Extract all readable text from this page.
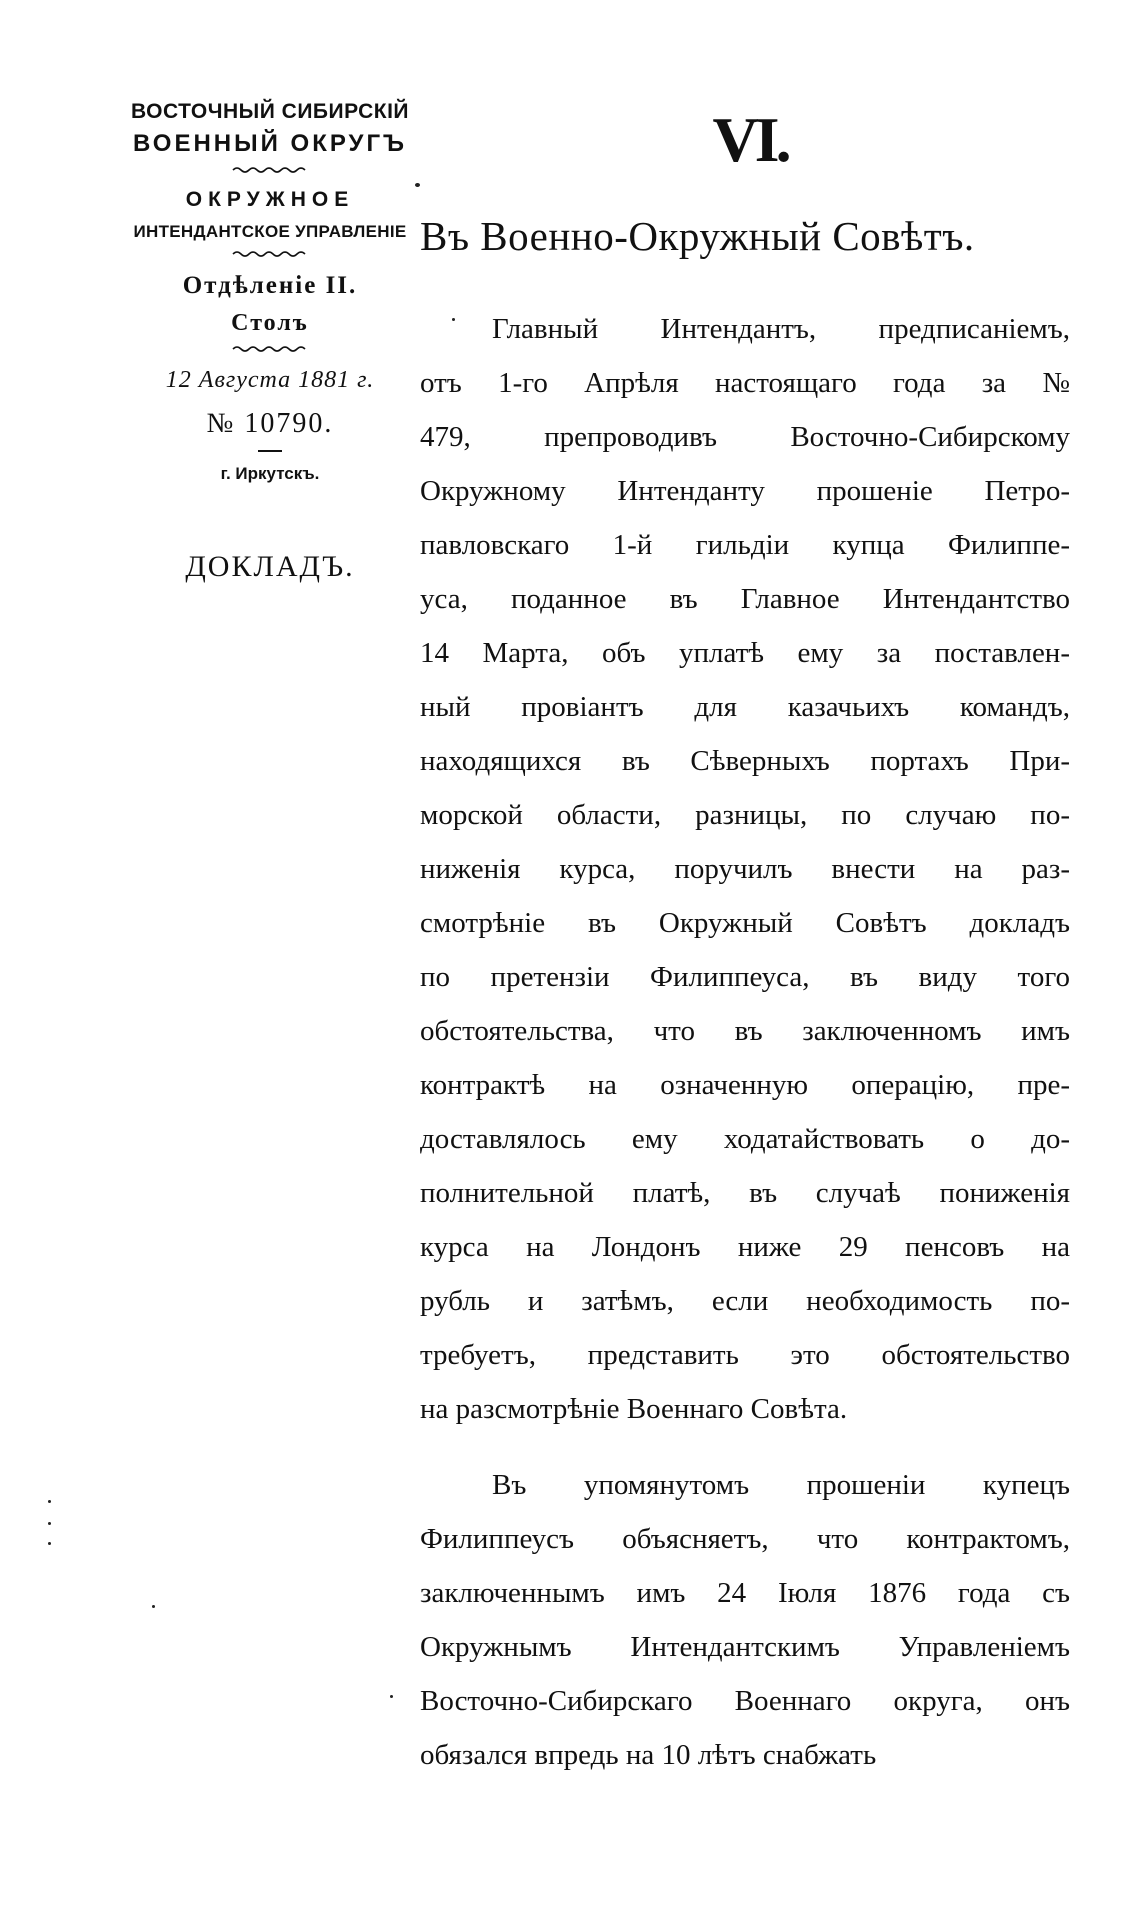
ВОСТОЧНЫЙ СИБИРСКІЙ
ВОЕННЫЙ ОКРУГЪ
ОКРУЖНОЕ
ИНТЕНДАНТСКОЕ УПРАВЛЕНІЕ
Отдѣленіе II.
Столъ
12 Августа 1881 г.
№ 10790.
г. Иркутскъ.
ДОКЛАДЪ.
VI.
Въ Военно-Окружный Совѣтъ.
Главный Интендантъ, предписаніемъ,
отъ 1-го Апрѣля настоящаго года за №
479, препроводивъ Восточно-Сибирскому
Окружному Интенданту прошеніе Петро-
павловскаго 1-й гильдіи купца Филиппе-
уса, поданное въ Главное Интендантство
14 Марта, объ уплатѣ ему за поставлен-
ный провіантъ для казачьихъ командъ,
находящихся въ Сѣверныхъ портахъ При-
морской области, разницы, по случаю по-
ниженія курса, поручилъ внести на раз-
смотрѣніе въ Окружный Совѣтъ докладъ
по претензіи Филиппеуса, въ виду того
обстоятельства, что въ заключенномъ имъ
контрактѣ на означенную операцію, пре-
доставлялось ему ходатайствовать о до-
полнительной платѣ, въ случаѣ пониженія
курса на Лондонъ ниже 29 пенсовъ на
рубль и затѣмъ, если необходимость по-
требуетъ, представить это обстоятельство
на разсмотрѣніе Военнаго Совѣта.
Въ упомянутомъ прошеніи купецъ
Филиппеусъ объясняетъ, что контрактомъ,
заключеннымъ имъ 24 Іюля 1876 года съ
Окружнымъ Интендантскимъ Управленіемъ
Восточно-Сибирскаго Военнаго округа, онъ
обязался впредь на 10 лѣтъ снабжать
